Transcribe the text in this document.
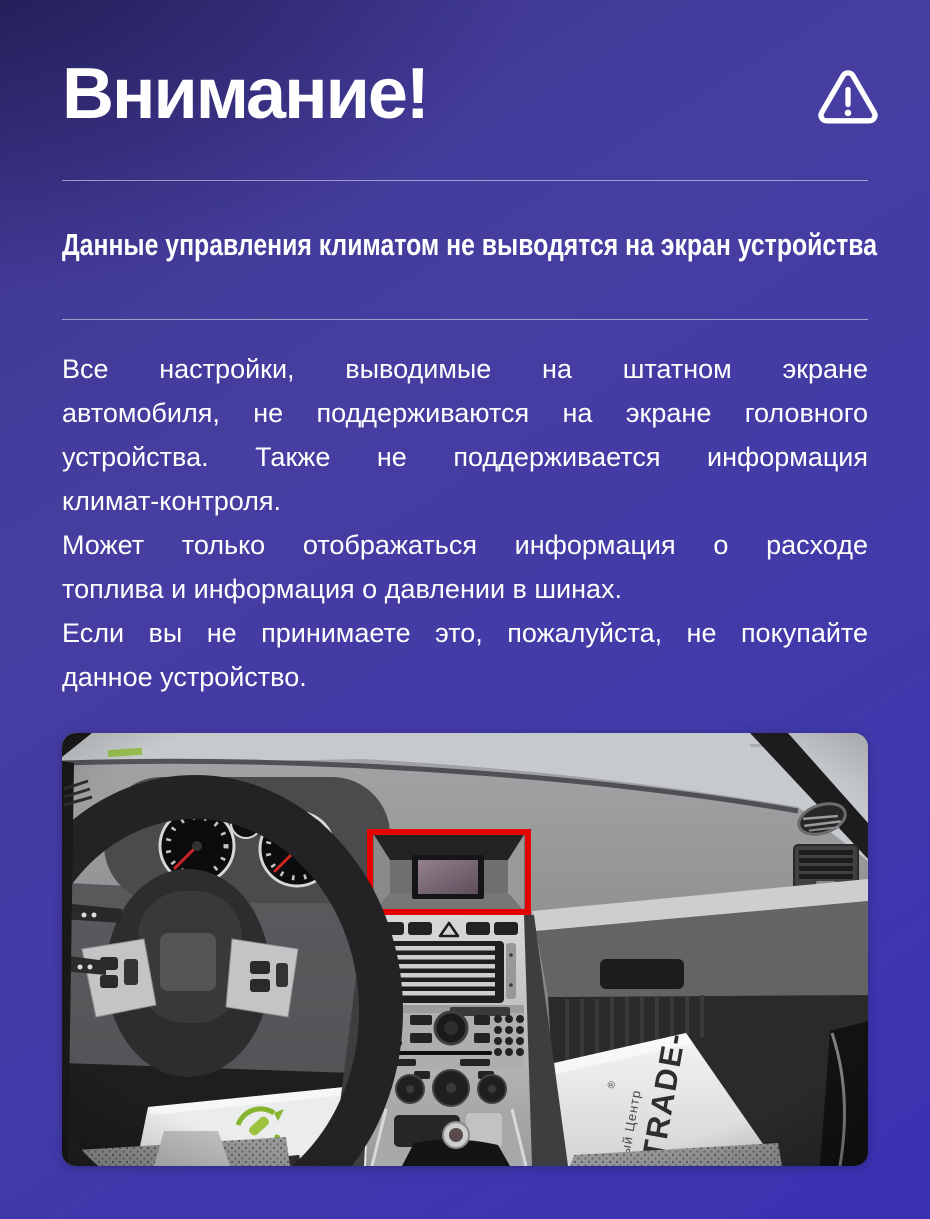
Внимание!
Данные управления климатом не выводятся на экран устройства
Все настройки, выводимые на штатном экране
автомобиля, не поддерживаются на экране головного
устройства. Также не поддерживается информация
климат-контроля.
Может только отображаться информация о расходе
топлива и информация о давлении в шинах.
Если вы не принимаете это, пожалуйста, не покупайте
данное устройство.
